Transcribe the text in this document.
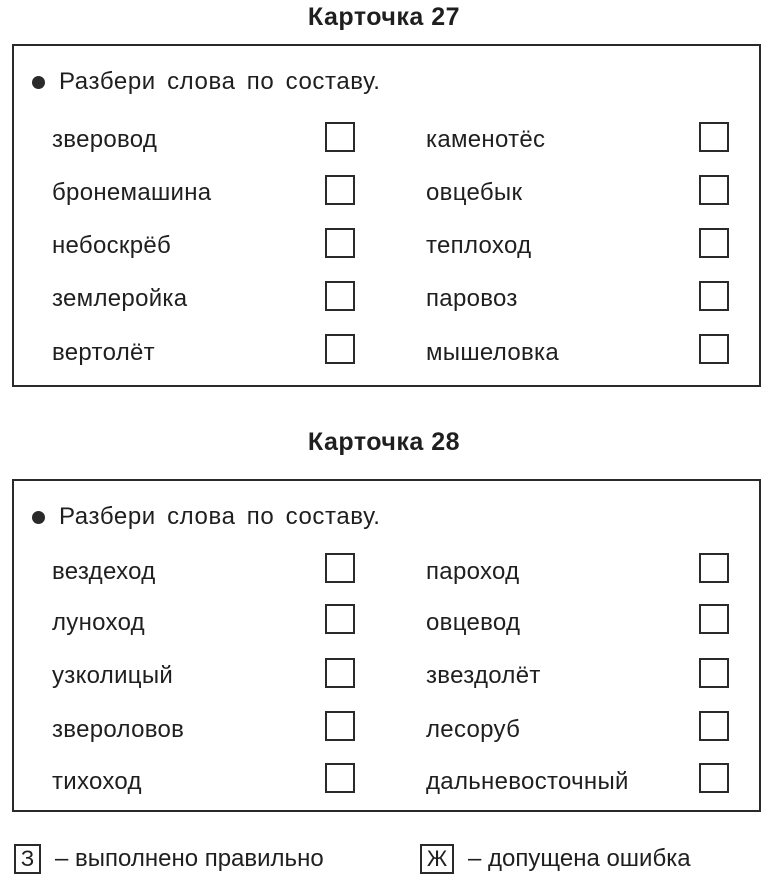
Карточка 27
Разбери слова по составу.
зверовод	каменотёс
бронемашина	овцебык
небоскрёб	теплоход
землеройка	паровоз
вертолёт	мышеловка
Карточка 28
Разбери слова по составу.
вездеход	пароход
луноход	овцевод
узколицый	звездолёт
звероловов	лесоруб
тихоход	дальневосточный
З – выполнено правильно	Ж – допущена ошибка
